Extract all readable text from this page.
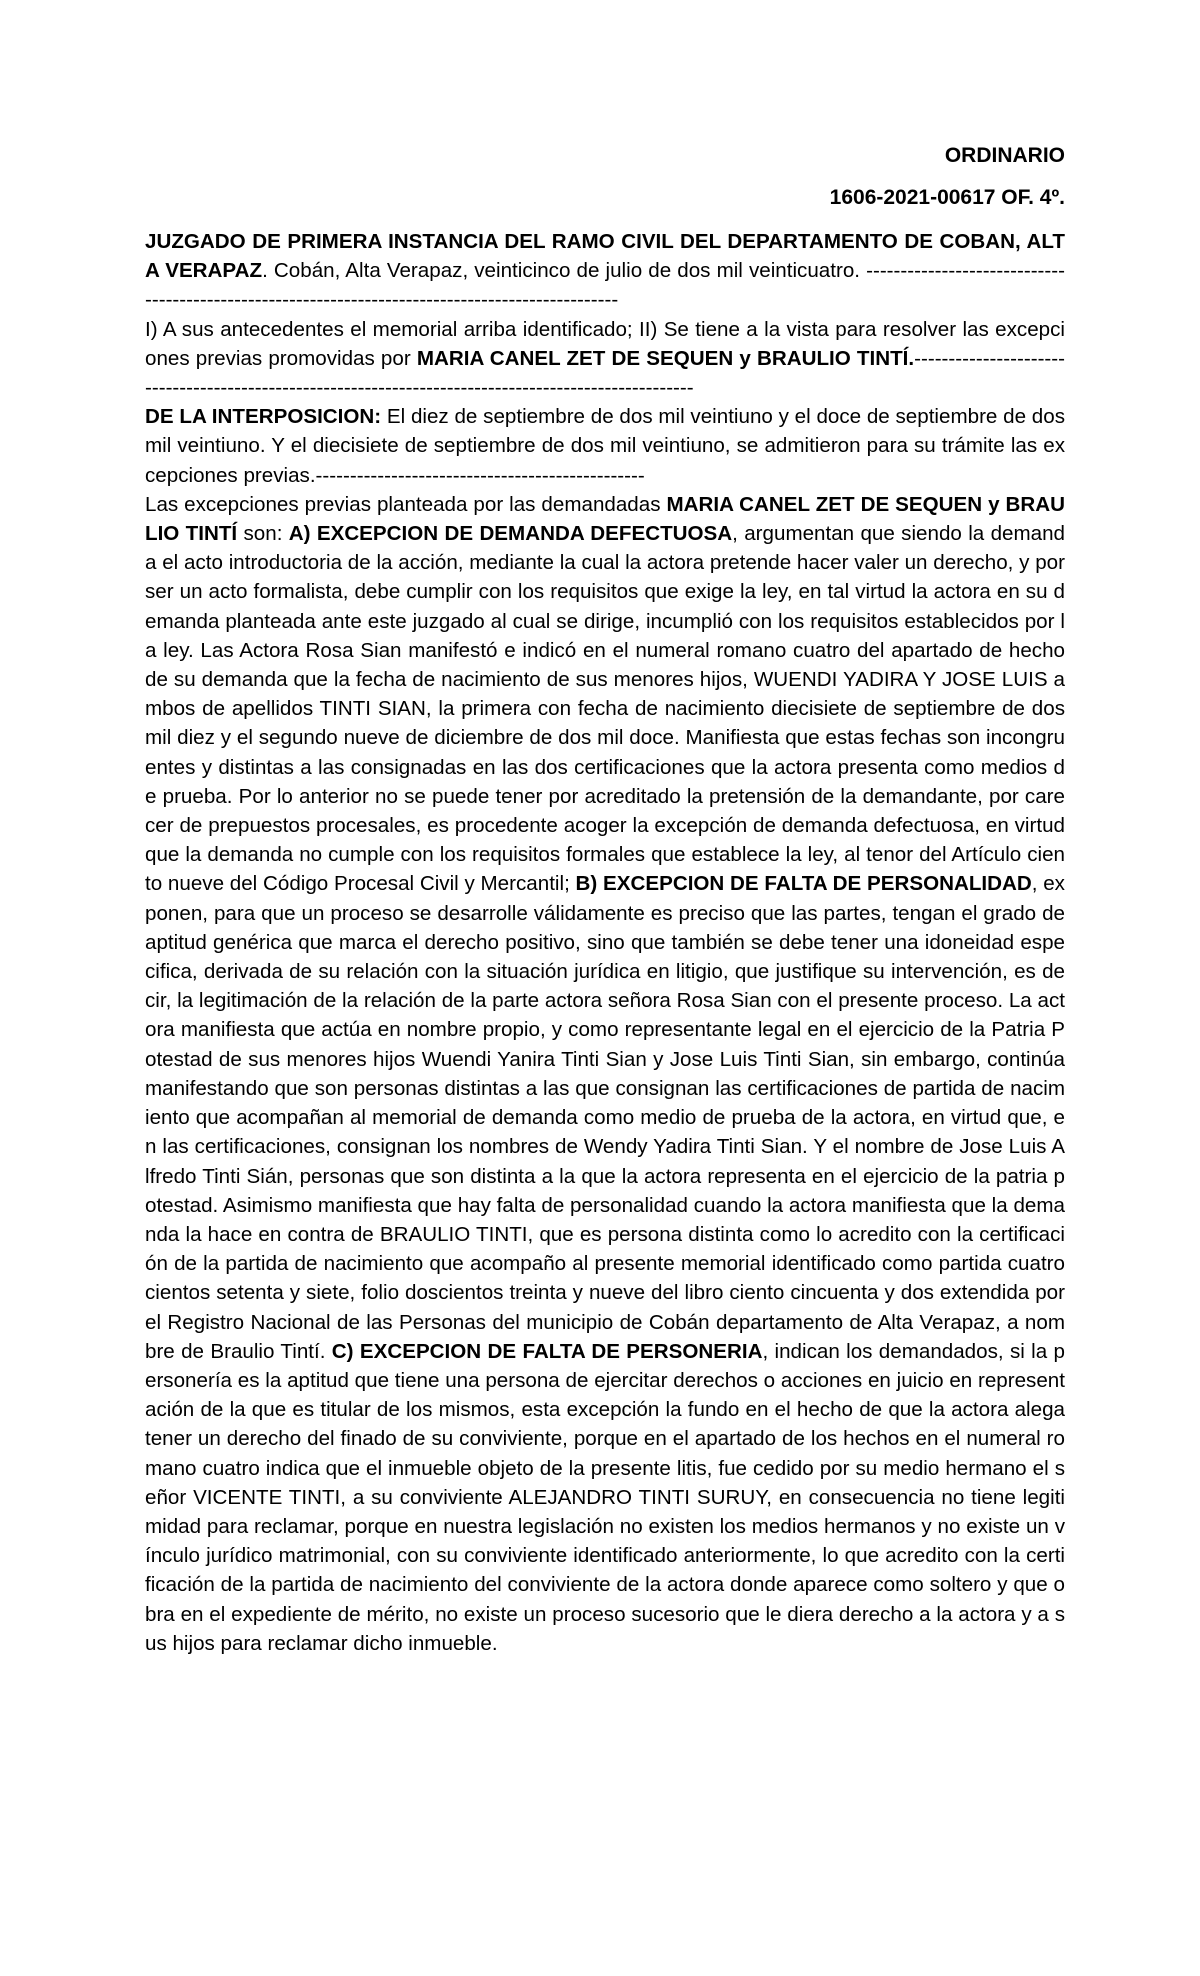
ORDINARIO
1606-2021-00617 OF. 4º.

JUZGADO DE PRIMERA INSTANCIA DEL RAMO CIVIL DEL DEPARTAMENTO DE COBAN, ALTA VERAPAZ. Cobán, Alta Verapaz, veinticinco de julio de dos mil veinticuatro. --------------------------------------------------------------------------------------------------

I) A sus antecedentes el memorial arriba identificado; II) Se tiene a la vista para resolver las excepciones previas promovidas por MARIA CANEL ZET DE SEQUEN y BRAULIO TINTÍ.------------------------------------------------------------------------------------------------------

DE LA INTERPOSICION: El diez de septiembre de dos mil veintiuno y el doce de septiembre de dos mil veintiuno. Y el diecisiete de septiembre de dos mil veintiuno, se admitieron para su trámite las excepciones previas.------------------------------------------------

Las excepciones previas planteada por las demandadas MARIA CANEL ZET DE SEQUEN y BRAULIO TINTÍ son: A) EXCEPCION DE DEMANDA DEFECTUOSA, argumentan que siendo la demanda el acto introductoria de la acción, mediante la cual la actora pretende hacer valer un derecho, y por ser un acto formalista, debe cumplir con los requisitos que exige la ley, en tal virtud la actora en su demanda planteada ante este juzgado al cual se dirige, incumplió con los requisitos establecidos por la ley. Las Actora Rosa Sian manifestó e indicó en el numeral romano cuatro del apartado de hecho de su demanda que la fecha de nacimiento de sus menores hijos, WUENDI YADIRA Y JOSE LUIS ambos de apellidos TINTI SIAN, la primera con fecha de nacimiento diecisiete de septiembre de dos mil diez y el segundo nueve de diciembre de dos mil doce. Manifiesta que estas fechas son incongruentes y distintas a las consignadas en las dos certificaciones que la actora presenta como medios de prueba. Por lo anterior no se puede tener por acreditado la pretensión de la demandante, por carecer de prepuestos procesales, es procedente acoger la excepción de demanda defectuosa, en virtud que la demanda no cumple con los requisitos formales que establece la ley, al tenor del Artículo ciento nueve del Código Procesal Civil y Mercantil; B) EXCEPCION DE FALTA DE PERSONALIDAD, exponen, para que un proceso se desarrolle válidamente es preciso que las partes, tengan el grado de aptitud genérica que marca el derecho positivo, sino que también se debe tener una idoneidad especifica, derivada de su relación con la situación jurídica en litigio, que justifique su intervención, es decir, la legitimación de la relación de la parte actora señora Rosa Sian con el presente proceso. La actora manifiesta que actúa en nombre propio, y como representante legal en el ejercicio de la Patria Potestad de sus menores hijos Wuendi Yanira Tinti Sian y Jose Luis Tinti Sian, sin embargo, continúa manifestando que son personas distintas a las que consignan las certificaciones de partida de nacimiento que acompañan al memorial de demanda como medio de prueba de la actora, en virtud que, en las certificaciones, consignan los nombres de Wendy Yadira Tinti Sian. Y el nombre de Jose Luis Alfredo Tinti Sián, personas que son distinta a la que la actora representa en el ejercicio de la patria potestad. Asimismo manifiesta que hay falta de personalidad cuando la actora manifiesta que la demanda la hace en contra de BRAULIO TINTI, que es persona distinta como lo acredito con la certificación de la partida de nacimiento que acompaño al presente memorial identificado como partida cuatrocientos setenta y siete, folio doscientos treinta y nueve del libro ciento cincuenta y dos extendida por el Registro Nacional de las Personas del municipio de Cobán departamento de Alta Verapaz, a nombre de Braulio Tintí. C) EXCEPCION DE FALTA DE PERSONERIA, indican los demandados, si la personería es la aptitud que tiene una persona de ejercitar derechos o acciones en juicio en representación de la que es titular de los mismos, esta excepción la fundo en el hecho de que la actora alega tener un derecho del finado de su conviviente, porque en el apartado de los hechos en el numeral romano cuatro indica que el inmueble objeto de la presente litis, fue cedido por su medio hermano el señor VICENTE TINTI, a su conviviente ALEJANDRO TINTI SURUY, en consecuencia no tiene legitimidad para reclamar, porque en nuestra legislación no existen los medios hermanos y no existe un vínculo jurídico matrimonial, con su conviviente identificado anteriormente, lo que acredito con la certificación de la partida de nacimiento del conviviente de la actora donde aparece como soltero y que obra en el expediente de mérito, no existe un proceso sucesorio que le diera derecho a la actora y a sus hijos para reclamar dicho inmueble.
